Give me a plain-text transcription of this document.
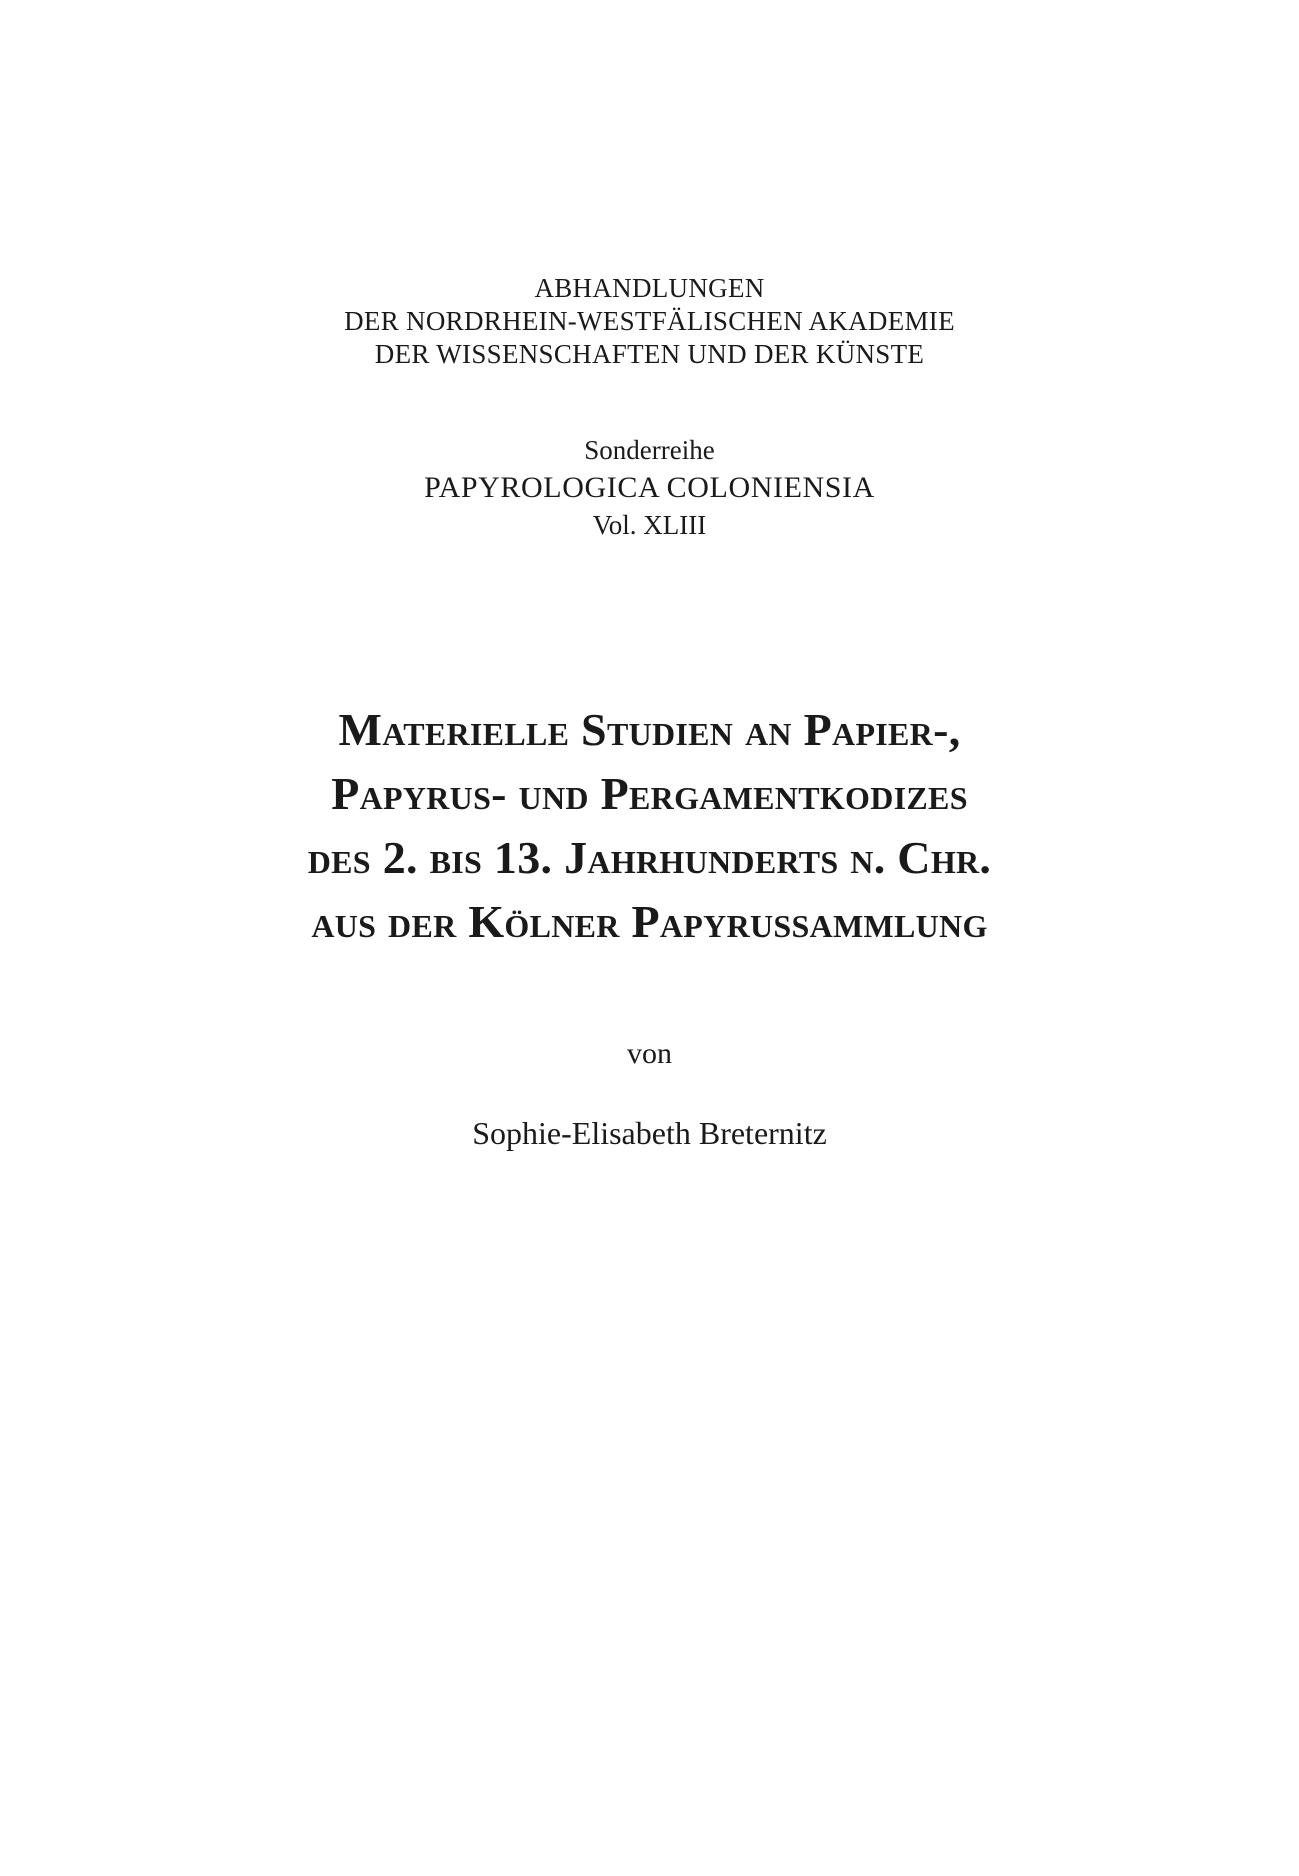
ABHANDLUNGEN
DER NORDRHEIN-WESTFÄLISCHEN AKADEMIE
DER WISSENSCHAFTEN UND DER KÜNSTE
Sonderreihe
PAPYROLOGICA COLONIENSIA
Vol. XLIII
Materielle Studien an Papier-,
Papyrus- und Pergamentkodizes
des 2. bis 13. Jahrhunderts n. Chr.
aus der Kölner Papyrussammlung
von
Sophie-Elisabeth Breternitz
